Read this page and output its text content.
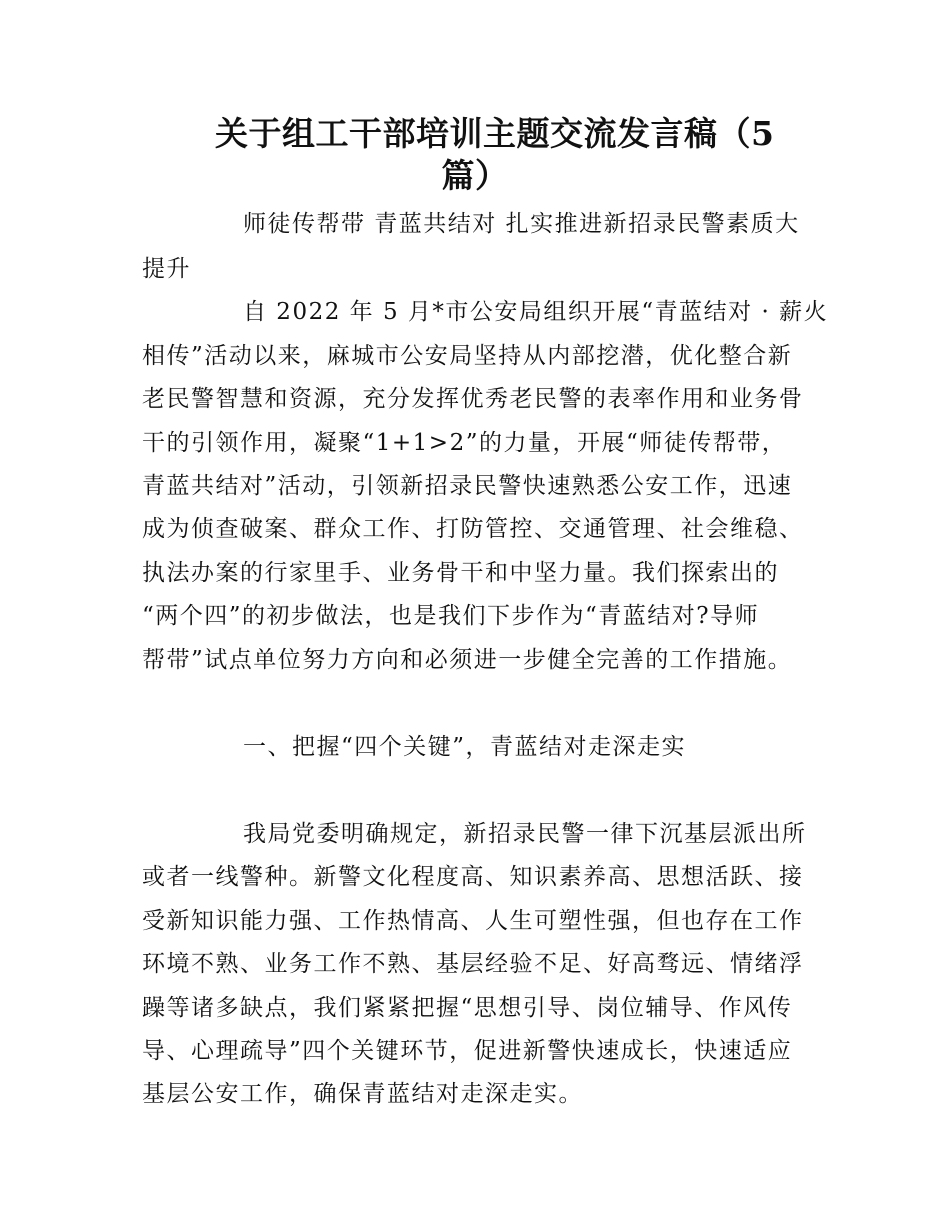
关于组工干部培训主题交流发言稿（5
篇）
师徒传帮带 青蓝共结对 扎实推进新招录民警素质大
提升
自 2022 年 5 月*市公安局组织开展“青蓝结对 · 薪火
相传”活动以来，麻城市公安局坚持从内部挖潜，优化整合新
老民警智慧和资源，充分发挥优秀老民警的表率作用和业务骨
干的引领作用，凝聚“1+1>2”的力量，开展“师徒传帮带，
青蓝共结对”活动，引领新招录民警快速熟悉公安工作，迅速
成为侦查破案、群众工作、打防管控、交通管理、社会维稳、
执法办案的行家里手、业务骨干和中坚力量。我们探索出的
“两个四”的初步做法，也是我们下步作为“青蓝结对?导师
帮带”试点单位努力方向和必须进一步健全完善的工作措施。
一、把握“四个关键”，青蓝结对走深走实
我局党委明确规定，新招录民警一律下沉基层派出所
或者一线警种。新警文化程度高、知识素养高、思想活跃、接
受新知识能力强、工作热情高、人生可塑性强，但也存在工作
环境不熟、业务工作不熟、基层经验不足、好高骛远、情绪浮
躁等诸多缺点，我们紧紧把握“思想引导、岗位辅导、作风传
导、心理疏导”四个关键环节，促进新警快速成长，快速适应
基层公安工作，确保青蓝结对走深走实。
